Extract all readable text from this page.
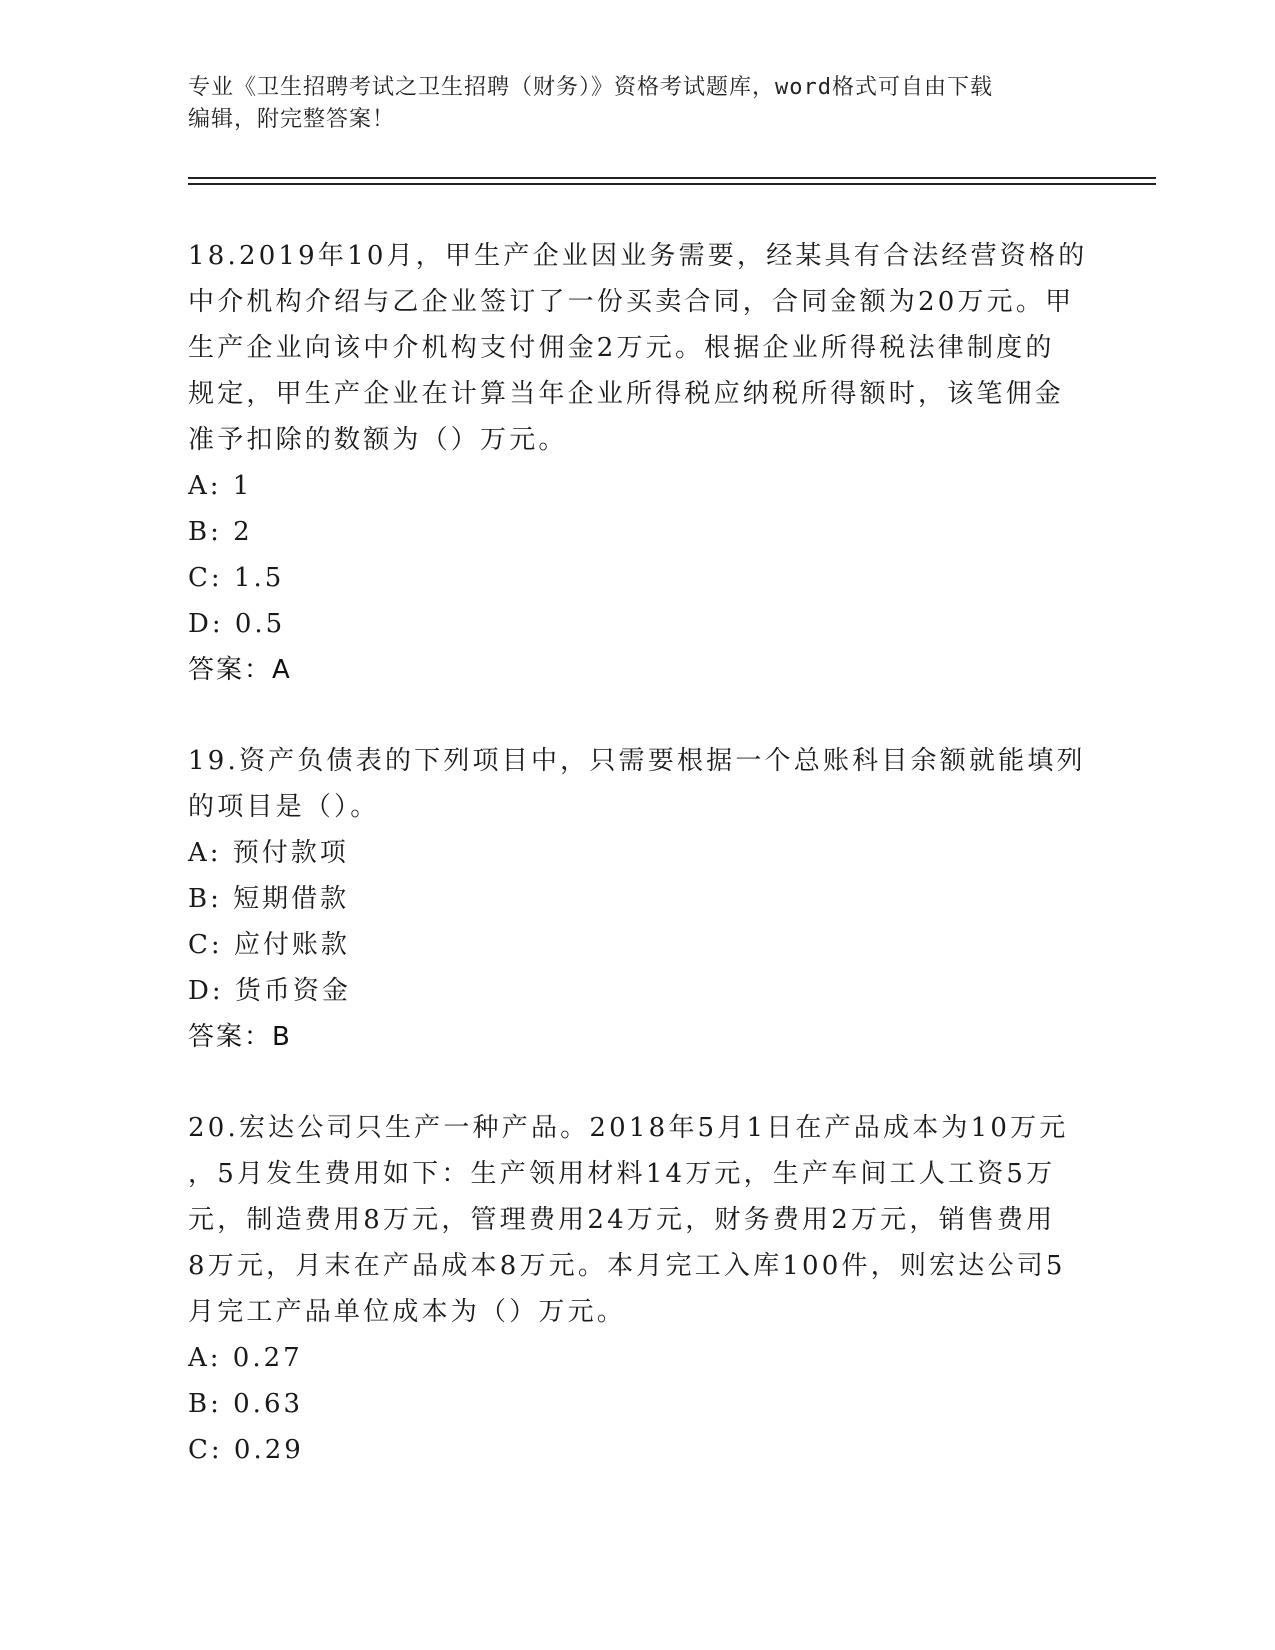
专业《卫生招聘考试之卫生招聘（财务）》资格考试题库，word格式可自由下载
编辑，附完整答案！

18.2019年10月，甲生产企业因业务需要，经某具有合法经营资格的

中介机构介绍与乙企业签订了一份买卖合同，合同金额为20万元。甲

生产企业向该中介机构支付佣金2万元。根据企业所得税法律制度的

规定，甲生产企业在计算当年企业所得税应纳税所得额时，该笔佣金

准予扣除的数额为（）万元。

A: 1

B: 2

C: 1.5

D: 0.5

答案：A

19.资产负债表的下列项目中，只需要根据一个总账科目余额就能填列

的项目是（）。

A: 预付款项

B: 短期借款

C: 应付账款

D: 货币资金

答案：B

20.宏达公司只生产一种产品。2018年5月1日在产品成本为10万元

，5月发生费用如下：生产领用材料14万元，生产车间工人工资5万

元，制造费用8万元，管理费用24万元，财务费用2万元，销售费用

8万元，月末在产品成本8万元。本月完工入库100件，则宏达公司5

月完工产品单位成本为（）万元。

A: 0.27

B: 0.63

C: 0.29
